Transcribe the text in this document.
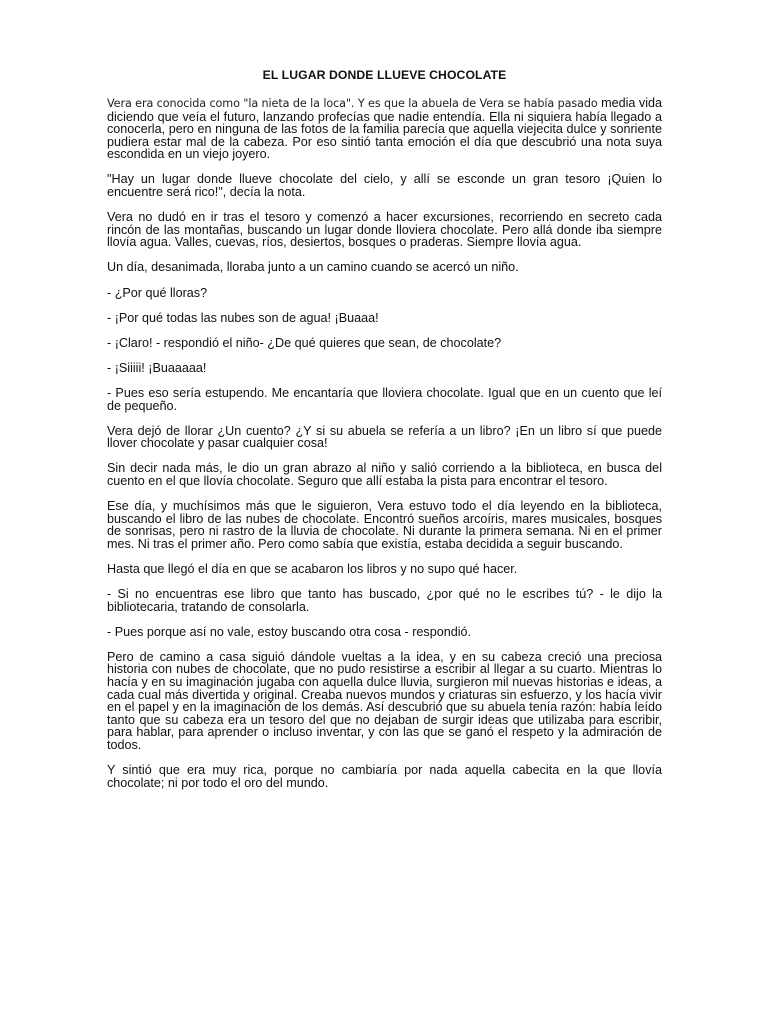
EL LUGAR DONDE LLUEVE CHOCOLATE

Vera era conocida como "la nieta de la loca". Y es que la abuela de Vera se había pasado media vida diciendo que veía el futuro, lanzando profecías que nadie entendía. Ella ni siquiera había llegado a conocerla, pero en ninguna de las fotos de la familia parecía que aquella viejecita dulce y sonriente pudiera estar mal de la cabeza. Por eso sintió tanta emoción el día que descubrió una nota suya escondida en un viejo joyero.

"Hay un lugar donde llueve chocolate del cielo, y allí se esconde un gran tesoro ¡Quien lo encuentre será rico!", decía la nota.

Vera no dudó en ir tras el tesoro y comenzó a hacer excursiones, recorriendo en secreto cada rincón de las montañas, buscando un lugar donde lloviera chocolate. Pero allá donde iba siempre llovía agua. Valles, cuevas, ríos, desiertos, bosques o praderas. Siempre llovía agua.

Un día, desanimada, lloraba junto a un camino cuando se acercó un niño.

- ¿Por qué lloras?

- ¡Por qué todas las nubes son de agua! ¡Buaaa!

- ¡Claro! - respondió el niño- ¿De qué quieres que sean, de chocolate?

- ¡Siiiii! ¡Buaaaaa!

- Pues eso sería estupendo. Me encantaría que lloviera chocolate. Igual que en un cuento que leí de pequeño.

Vera dejó de llorar ¿Un cuento? ¿Y si su abuela se refería a un libro? ¡En un libro sí que puede llover chocolate y pasar cualquier cosa!

Sin decir nada más, le dio un gran abrazo al niño y salió corriendo a la biblioteca, en busca del cuento en el que llovía chocolate. Seguro que allí estaba la pista para encontrar el tesoro.

Ese día, y muchísimos más que le siguieron, Vera estuvo todo el día leyendo en la biblioteca, buscando el libro de las nubes de chocolate. Encontró sueños arcoíris, mares musicales, bosques de sonrisas, pero ni rastro de la lluvia de chocolate. Ni durante la primera semana. Ni en el primer mes. Ni tras el primer año. Pero como sabía que existía, estaba decidida a seguir buscando.

Hasta que llegó el día en que se acabaron los libros y no supo qué hacer.

- Si no encuentras ese libro que tanto has buscado, ¿por qué no le escribes tú? - le dijo la bibliotecaria, tratando de consolarla.

- Pues porque así no vale, estoy buscando otra cosa - respondió.

Pero de camino a casa siguió dándole vueltas a la idea, y en su cabeza creció una preciosa historia con nubes de chocolate, que no pudo resistirse a escribir al llegar a su cuarto. Mientras lo hacía y en su imaginación jugaba con aquella dulce lluvia, surgieron mil nuevas historias e ideas, a cada cual más divertida y original. Creaba nuevos mundos y criaturas sin esfuerzo, y los hacía vivir en el papel y en la imaginación de los demás. Así descubrió que su abuela tenía razón: había leído tanto que su cabeza era un tesoro del que no dejaban de surgir ideas que utilizaba para escribir, para hablar, para aprender o incluso inventar, y con las que se ganó el respeto y la admiración de todos.

Y sintió que era muy rica, porque no cambiaría por nada aquella cabecita en la que llovía chocolate; ni por todo el oro del mundo.
